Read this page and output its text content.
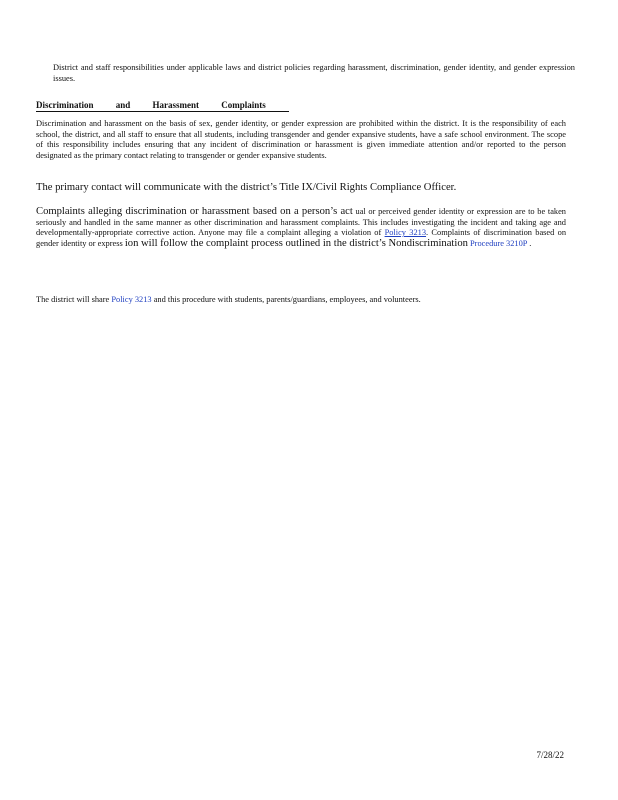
District and staff responsibilities under applicable laws and district policies regarding harassment, discrimination, gender identity, and gender expression issues.
Discrimination and Harassment Complaints
Discrimination and harassment on the basis of sex, gender identity, or gender expression are prohibited within the district. It is the responsibility of each school, the district, and all staff to ensure that all students, including transgender and gender expansive students, have a safe school environment. The scope of this responsibility includes ensuring that any incident of discrimination or harassment is given immediate attention and/or reported to the person designated as the primary contact relating to transgender or gender expansive students.
The primary contact will communicate with the district’s Title IX/Civil Rights Compliance Officer.
Complaints alleging discrimination or harassment based on a person’s act ual or perceived gender identity or expression are to be taken seriously and handled in the same manner as other discrimination and harassment complaints. This includes investigating the incident and taking age and developmentally-appropriate corrective action. Anyone may file a complaint alleging a violation of Policy 3213. Complaints of discrimination based on gender identity or express ion will follow the complaint process outlined in the district’s Nondiscrimination Procedure 3210P .
The district will share Policy 3213 and this procedure with students, parents/guardians, employees, and volunteers.
7/28/22
